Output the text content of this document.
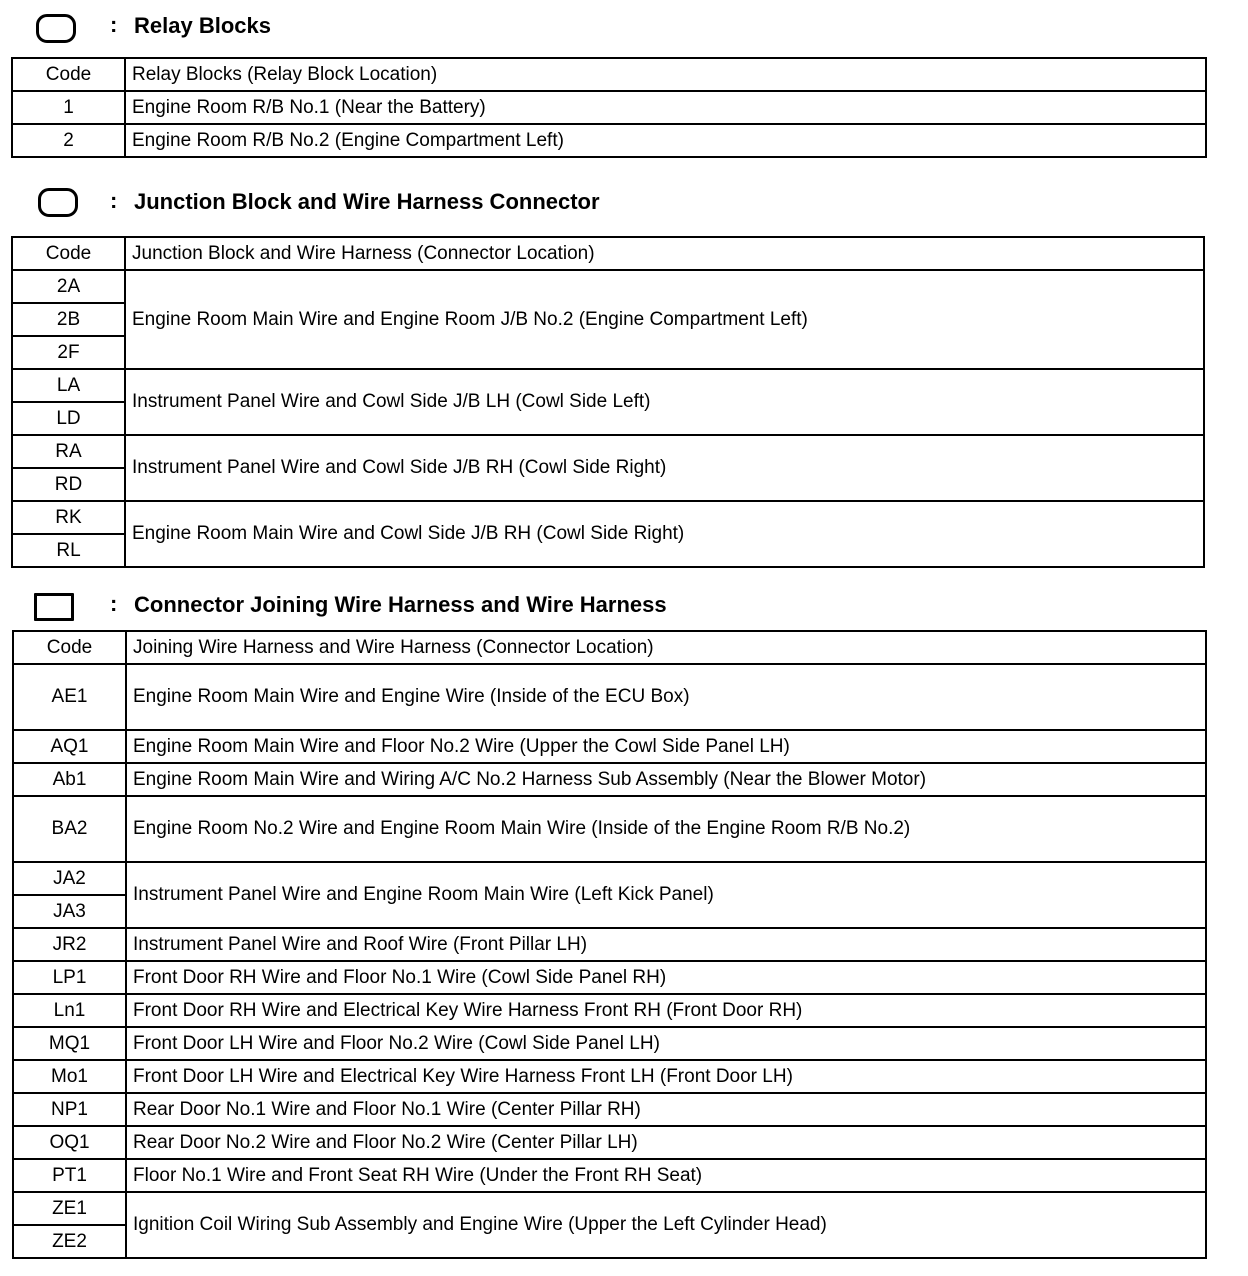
: Relay Blocks
Code	Relay Blocks (Relay Block Location)
1	Engine Room R/B No.1 (Near the Battery)
2	Engine Room R/B No.2 (Engine Compartment Left)
: Junction Block and Wire Harness Connector
Code	Junction Block and Wire Harness (Connector Location)
2A	Engine Room Main Wire and Engine Room J/B No.2 (Engine Compartment Left)
2B	
2F	
LA	Instrument Panel Wire and Cowl Side J/B LH (Cowl Side Left)
LD	
RA	Instrument Panel Wire and Cowl Side J/B RH (Cowl Side Right)
RD	
RK	Engine Room Main Wire and Cowl Side J/B RH (Cowl Side Right)
RL	
: Connector Joining Wire Harness and Wire Harness
Code	Joining Wire Harness and Wire Harness (Connector Location)
AE1	Engine Room Main Wire and Engine Wire (Inside of the ECU Box)
AQ1	Engine Room Main Wire and Floor No.2 Wire (Upper the Cowl Side Panel LH)
Ab1	Engine Room Main Wire and Wiring A/C No.2 Harness Sub Assembly (Near the Blower Motor)
BA2	Engine Room No.2 Wire and Engine Room Main Wire (Inside of the Engine Room R/B No.2)
JA2	Instrument Panel Wire and Engine Room Main Wire (Left Kick Panel)
JA3	
JR2	Instrument Panel Wire and Roof Wire (Front Pillar LH)
LP1	Front Door RH Wire and Floor No.1 Wire (Cowl Side Panel RH)
Ln1	Front Door RH Wire and Electrical Key Wire Harness Front RH (Front Door RH)
MQ1	Front Door LH Wire and Floor No.2 Wire (Cowl Side Panel LH)
Mo1	Front Door LH Wire and Electrical Key Wire Harness Front LH (Front Door LH)
NP1	Rear Door No.1 Wire and Floor No.1 Wire (Center Pillar RH)
OQ1	Rear Door No.2 Wire and Floor No.2 Wire (Center Pillar LH)
PT1	Floor No.1 Wire and Front Seat RH Wire (Under the Front RH Seat)
ZE1	Ignition Coil Wiring Sub Assembly and Engine Wire (Upper the Left Cylinder Head)
ZE2	
